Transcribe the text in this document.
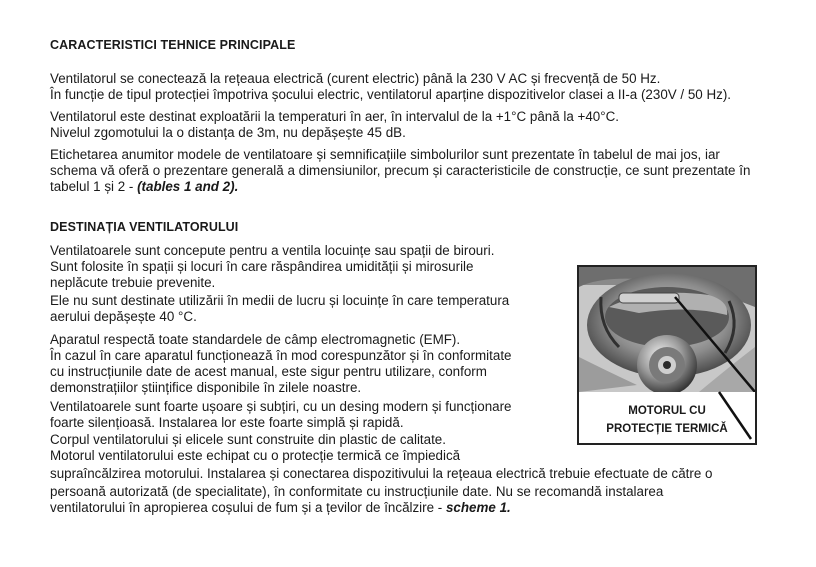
CARACTERISTICI TEHNICE PRINCIPALE
Ventilatorul se conectează la rețeaua electrică (curent electric) până la 230 V AC și frecvență de 50 Hz.
În funcție de tipul protecției împotriva șocului electric, ventilatorul aparține dispozitivelor clasei a II-a (230V / 50 Hz).
Ventilatorul este destinat exploatării la temperaturi în aer, în intervalul de la +1°C până la +40°C.
Nivelul zgomotului la o distanța de 3m, nu depășește 45 dB.
Etichetarea anumitor modele de ventilatoare și semnificațiile simbolurilor sunt prezentate în tabelul de mai jos, iar
schema vă oferă o prezentare generală a dimensiunilor, precum și caracteristicile de construcție, ce sunt prezentate în
tabelul 1 și 2 - (tables 1 and 2).
DESTINAȚIA VENTILATORULUI
Ventilatoarele sunt concepute pentru a ventila locuințe sau spații de birouri.
Sunt folosite în spații și locuri în care răspândirea umidității și mirosurile
neplăcute trebuie prevenite.
Ele nu sunt destinate utilizării în medii de lucru și locuințe în care temperatura
aerului depășește 40 °C.
Aparatul respectă toate standardele de câmp electromagnetic (EMF).
În cazul în care aparatul funcționează în mod corespunzător și în conformitate
cu instrucțiunile date de acest manual, este sigur pentru utilizare, conform
demonstrațiilor științifice disponibile în zilele noastre.
Ventilatoarele sunt foarte ușoare și subțiri, cu un desing modern și funcționare
foarte silențioasă. Instalarea lor este foarte simplă și rapidă.
Corpul ventilatorului și elicele sunt construite din plastic de calitate.
Motorul ventilatorului este echipat cu o protecție termică ce împiedică
supraîncălzirea motorului. Instalarea și conectarea dispozitivului la rețeaua electrică trebuie efectuate de către o
persoană autorizată (de specialitate), în conformitate cu instrucțiunile date. Nu se recomandă instalarea
ventilatorului în apropierea coșului de fum și a țevilor de încălzire - scheme 1.
MOTORUL CU
PROTECȚIE TERMICĂ
